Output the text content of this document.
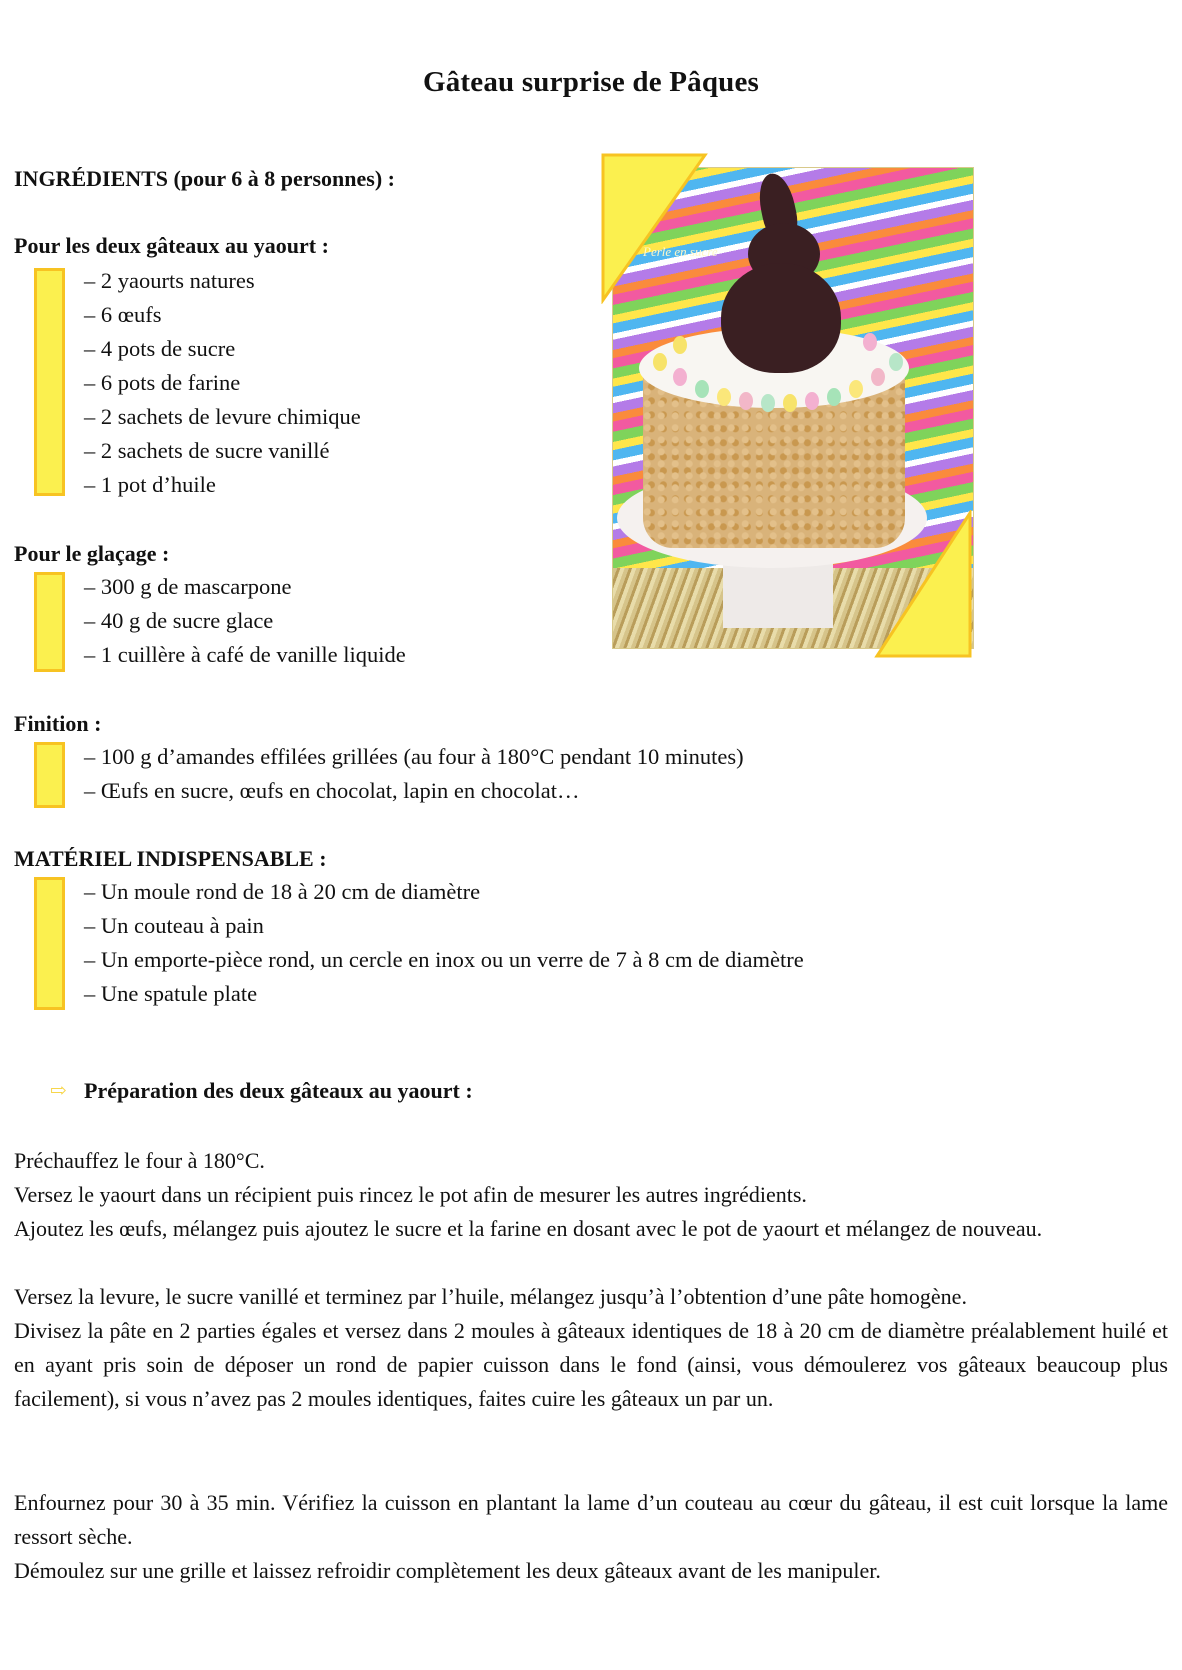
Gâteau surprise de Pâques
INGRÉDIENTS (pour 6 à 8 personnes) :
Pour les deux gâteaux au yaourt :
– 2 yaourts natures
– 6 œufs
– 4 pots de sucre
– 6 pots de farine
– 2 sachets de levure chimique
– 2 sachets de sucre vanillé
– 1 pot d’huile
Pour le glaçage :
– 300 g de mascarpone
– 40 g de sucre glace
– 1 cuillère à café de vanille liquide
Finition :
– 100 g d’amandes effilées grillées (au four à 180°C pendant 10 minutes)
– Œufs en sucre, œufs en chocolat, lapin en chocolat…
MATÉRIEL INDISPENSABLE :
– Un moule rond de 18 à 20 cm de diamètre
– Un couteau à pain
– Un emporte-pièce rond, un cercle en inox ou un verre de 7 à 8 cm de diamètre
– Une spatule plate
Perle en sucre
⇨ Préparation des deux gâteaux au yaourt :
Préchauffez le four à 180°C.
Versez le yaourt dans un récipient puis rincez le pot afin de mesurer les autres ingrédients.
Ajoutez les œufs, mélangez puis ajoutez le sucre et la farine en dosant avec le pot de yaourt et mélangez de nouveau.
Versez la levure, le sucre vanillé et terminez par l’huile, mélangez jusqu’à l’obtention d’une pâte homogène.
Divisez la pâte en 2 parties égales et versez dans 2 moules à gâteaux identiques de 18 à 20 cm de diamètre préalablement huilé et en ayant pris soin de déposer un rond de papier cuisson dans le fond (ainsi, vous démoulerez vos gâteaux beaucoup plus facilement), si vous n’avez pas 2 moules identiques, faites cuire les gâteaux un par un.
Enfournez pour 30 à 35 min. Vérifiez la cuisson en plantant la lame d’un couteau au cœur du gâteau, il est cuit lorsque la lame ressort sèche.
Démoulez sur une grille et laissez refroidir complètement les deux gâteaux avant de les manipuler.
